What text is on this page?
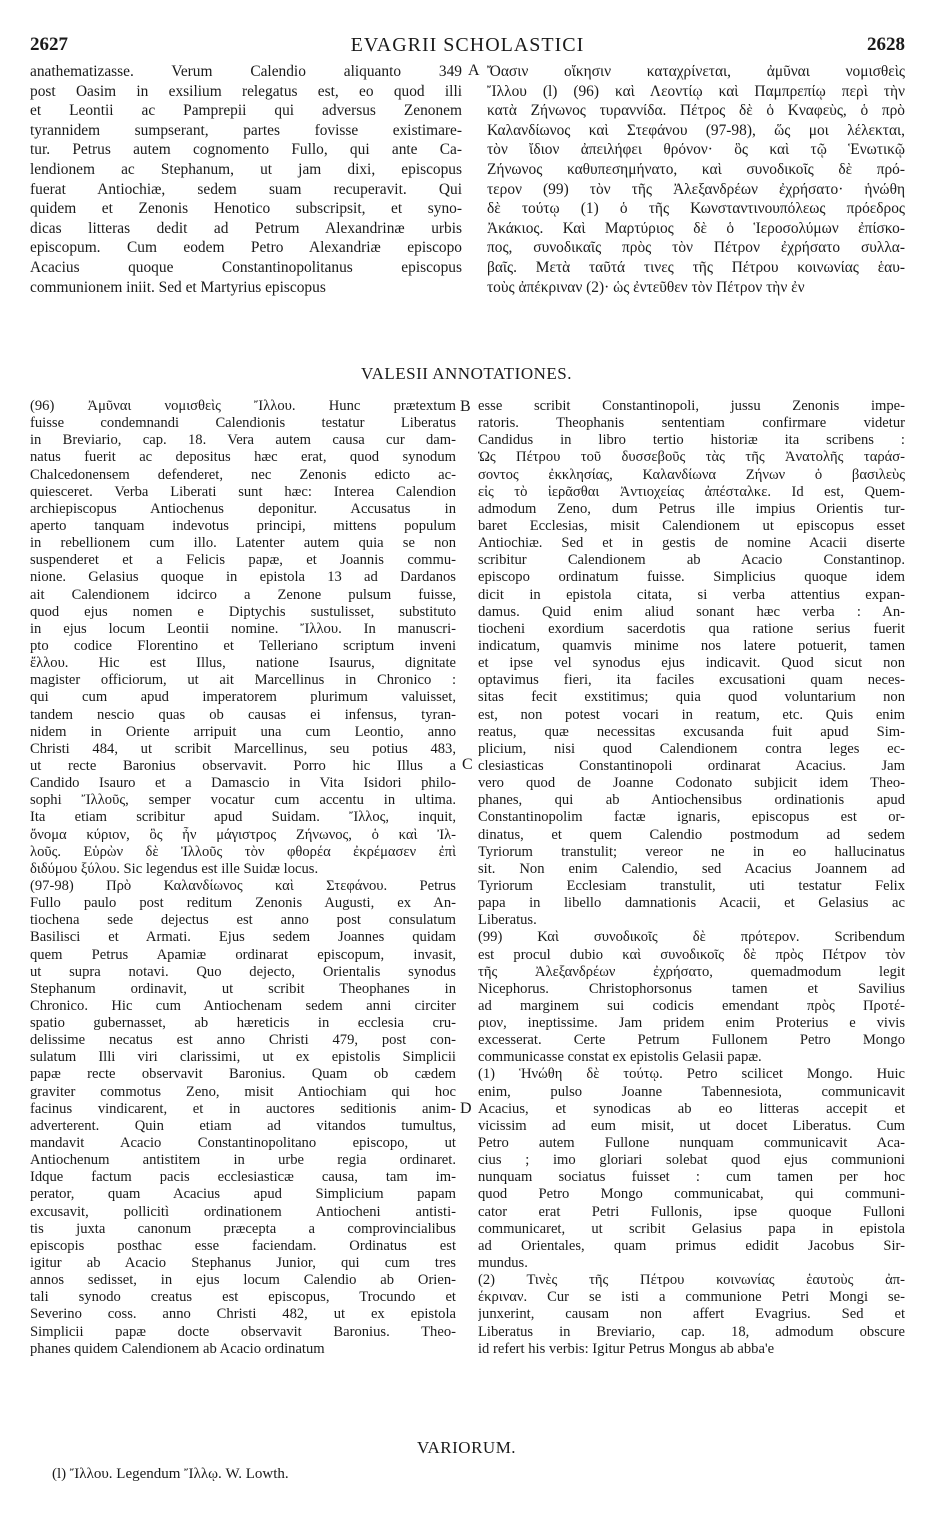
2627	EVAGRII SCHOLASTICI	2628
anathematizasse. Verum Calendio aliquanto 349
post Oasim in exsilium relegatus est, eo quod illi
et Leontii ac Pamprepii qui adversus Zenonem
tyrannidem sumpserant, partes fovisse existimare-
tur. Petrus autem cognomento Fullo, qui ante Ca-
lendionem ac Stephanum, ut jam dixi, episcopus
fuerat Antiochiæ, sedem suam recuperavit. Qui
quidem et Zenonis Henotico subscripsit, et syno-
dicas litteras dedit ad Petrum Alexandrinæ urbis
episcopum. Cum eodem Petro Alexandriæ episcopo
Acacius quoque Constantinopolitanus episcopus
communionem iniit. Sed et Martyrius episcopus
Ὄασιν οἴκησιν καταχρίνεται, ἀμῦναι νομισθεὶς
Ἴλλου (l) (96) καὶ Λεοντίῳ καὶ Παμπρεπίῳ περὶ τὴν
κατὰ Ζήνωνος τυραννίδα. Πέτρος δὲ ὁ Κναφεὺς, ὁ πρὸ
Καλανδίωνος καὶ Στεφάνου (97-98), ὥς μοι λέλεκται,
τὸν ἴδιον ἀπειλήφει θρόνον· ὃς καὶ τῷ Ἑνωτικῷ
Ζήνωνος καθυπεσημήνατο, καὶ συνοδικοῖς δὲ πρό-
τερον (99) τὸν τῆς Ἀλεξανδρέων ἐχρήσατο· ἡνώθη
δὲ τούτῳ (1) ὁ τῆς Κωνσταντινουπόλεως πρόεδρος
Ἀκάκιος. Καὶ Μαρτύριος δὲ ὁ Ἱεροσολύμων ἐπίσκο-
πος, συνοδικαῖς πρὸς τὸν Πέτρον ἐχρήσατο συλλα-
βαῖς. Μετὰ ταῦτά τινες τῆς Πέτρου κοινωνίας ἑαυ-
τοὺς ἀπέκριναν (2)· ὡς ἐντεῦθεν τὸν Πέτρον τὴν ἐν
A
VALESII ANNOTATIONES.
(96) Ἀμῦναι νομισθεὶς Ἴλλου. Hunc prætextum
fuisse condemnandi Calendionis testatur Liberatus
in Breviario, cap. 18. Vera autem causa cur dam-
natus fuerit ac depositus hæc erat, quod synodum
Chalcedonensem defenderet, nec Zenonis edicto ac-
quiesceret. Verba Liberati sunt hæc: Interea Calendion
archiepiscopus Antiochenus deponitur. Accusatus in
aperto tanquam indevotus principi, mittens populum
in rebellionem cum illo. Latenter autem quia se non
suspenderet et a Felicis papæ, et Joannis commu-
nione. Gelasius quoque in epistola 13 ad Dardanos
ait Calendionem idcirco a Zenone pulsum fuisse,
quod ejus nomen e Diptychis sustulisset, substituto
in ejus locum Leontii nomine. Ἴλλου. In manuscri-
pto codice Florentino et Telleriano scriptum inveni
ἔλλου. Hic est Illus, natione Isaurus, dignitate
magister officiorum, ut ait Marcellinus in Chronico :
qui cum apud imperatorem plurimum valuisset,
tandem nescio quas ob causas ei infensus, tyran-
nidem in Oriente arripuit una cum Leontio, anno
Christi 484, ut scribit Marcellinus, seu potius 483,
ut recte Baronius observavit. Porro hic Illus a
Candido Isauro et a Damascio in Vita Isidori philo-
sophi Ἴλλοῦς, semper vocatur cum accentu in ultima.
Ita etiam scribitur apud Suidam. Ἴλλος, inquit,
ὄνομα κύριον, ὃς ἦν μάγιστρος Ζήνωνος, ὁ καὶ Ἰλ-
λοῦς. Εὑρὼν δὲ Ἰλλοῦς τὸν φθορέα ἐκρέμασεν ἐπὶ
διδύμου ξύλου. Sic legendus est ille Suidæ locus.
(97-98) Πρὸ Καλανδίωνος καὶ Στεφάνου. Petrus
Fullo paulo post reditum Zenonis Augusti, ex An-
tiochena sede dejectus est anno post consulatum
Basilisci et Armati. Ejus sedem Joannes quidam
quem Petrus Apamiæ ordinarat episcopum, invasit,
ut supra notavi. Quo dejecto, Orientalis synodus
Stephanum ordinavit, ut scribit Theophanes in
Chronico. Hic cum Antiochenam sedem anni circiter
spatio gubernasset, ab hæreticis in ecclesia cru-
delissime necatus est anno Christi 479, post con-
sulatum Illi viri clarissimi, ut ex epistolis Simplicii
papæ recte observavit Baronius. Quam ob cædem
graviter commotus Zeno, misit Antiochiam qui hoc
facinus vindicarent, et in auctores seditionis anim-
adverterent. Quin etiam ad vitandos tumultus,
mandavit Acacio Constantinopolitano episcopo, ut
Antiochenum antistitem in urbe regia ordinaret.
Idque factum pacis ecclesiasticæ causa, tam im-
perator, quam Acacius apud Simplicium papam
excusavit, pollicitì ordinationem Antiocheni antisti-
tis juxta canonum præcepta a comprovincialibus
episcopis posthac esse faciendam. Ordinatus est
igitur ab Acacio Stephanus Junior, qui cum tres
annos sedisset, in ejus locum Calendio ab Orien-
tali synodo creatus est episcopus, Trocundo et
Severino coss. anno Christi 482, ut ex epistola
Simplicii papæ docte observavit Baronius. Theo-
phanes quidem Calendionem ab Acacio ordinatum
esse scribit Constantinopoli, jussu Zenonis impe-
ratoris. Theophanis sententiam confirmare videtur
Candidus in libro tertio historiæ ita scribens :
Ὡς Πέτρου τοῦ δυσσεβοῦς τὰς τῆς Ἀνατολῆς ταράσ-
σοντος ἐκκλησίας, Καλανδίωνα Ζήνων ὁ βασιλεὺς
εἰς τὸ ἱερᾶσθαι Ἀντιοχείας ἀπέσταλκε. Id est, Quem-
admodum Zeno, dum Petrus ille impius Orientis tur-
baret Ecclesias, misit Calendionem ut episcopus esset
Antiochiæ. Sed et in gestis de nomine Acacii diserte
scribitur Calendionem ab Acacio Constantinop.
episcopo ordinatum fuisse. Simplicius quoque idem
dicit in epistola citata, si verba attentius expan-
damus. Quid enim aliud sonant hæc verba : An-
tiocheni exordium sacerdotis qua ratione serius fuerit
indicatum, quamvis minime nos latere potuerit, tamen
et ipse vel synodus ejus indicavit. Quod sicut non
optavimus fieri, ita faciles excusationi quam neces-
sitas fecit exstitimus; quia quod voluntarium non
est, non potest vocari in reatum, etc. Quis enim
reatus, quæ necessitas excusanda fuit apud Sim-
plicium, nisi quod Calendionem contra leges ec-
clesiasticas Constantinopoli ordinarat Acacius. Jam
vero quod de Joanne Codonato subjicit idem Theo-
phanes, qui ab Antiochensibus ordinationis apud
Constantinopolim factæ ignaris, episcopus est or-
dinatus, et quem Calendio postmodum ad sedem
Tyriorum transtulit; vereor ne in eo hallucinatus
sit. Non enim Calendio, sed Acacius Joannem ad
Tyriorum Ecclesiam transtulit, uti testatur Felix
papa in libello damnationis Acacii, et Gelasius ac
Liberatus.
(99) Καὶ συνοδικοῖς δὲ πρότερον. Scribendum
est procul dubio καὶ συνοδικοῖς δὲ πρὸς Πέτρον τὸν
τῆς Ἀλεξανδρέων ἐχρήσατο, quemadmodum legit
Nicephorus. Christophorsonus tamen et Savilius
ad marginem sui codicis emendant πρὸς Προτέ-
ριον, ineptissime. Jam pridem enim Proterius e vivis
excesserat. Certe Petrum Fullonem Petro Mongo
communicasse constat ex epistolis Gelasii papæ.
(1) Ἡνώθη δὲ τούτῳ. Petro scilicet Mongo. Huic
enim, pulso Joanne Tabennesiota, communicavit
Acacius, et synodicas ab eo litteras accepit et
vicissim ad eum misit, ut docet Liberatus. Cum
Petro autem Fullone nunquam communicavit Aca-
cius ; imo gloriari solebat quod ejus communioni
nunquam sociatus fuisset : cum tamen per hoc
quod Petro Mongo communicabat, qui communi-
cator erat Petri Fullonis, ipse quoque Fulloni
communicaret, ut scribit Gelasius papa in epistola
ad Orientales, quam primus edidit Jacobus Sir-
mundus.
(2) Τινὲς τῆς Πέτρου κοινωνίας ἑαυτοὺς ἀπ-
έκριναν. Cur se isti a communione Petri Mongi se-
junxerint, causam non affert Evagrius. Sed et
Liberatus in Breviario, cap. 18, admodum obscure
id refert his verbis: Igitur Petrus Mongus ab abba'e
B
C
D
VARIORUM.
(l) Ἴλλου. Legendum Ἴλλῳ. W. Lowth.
